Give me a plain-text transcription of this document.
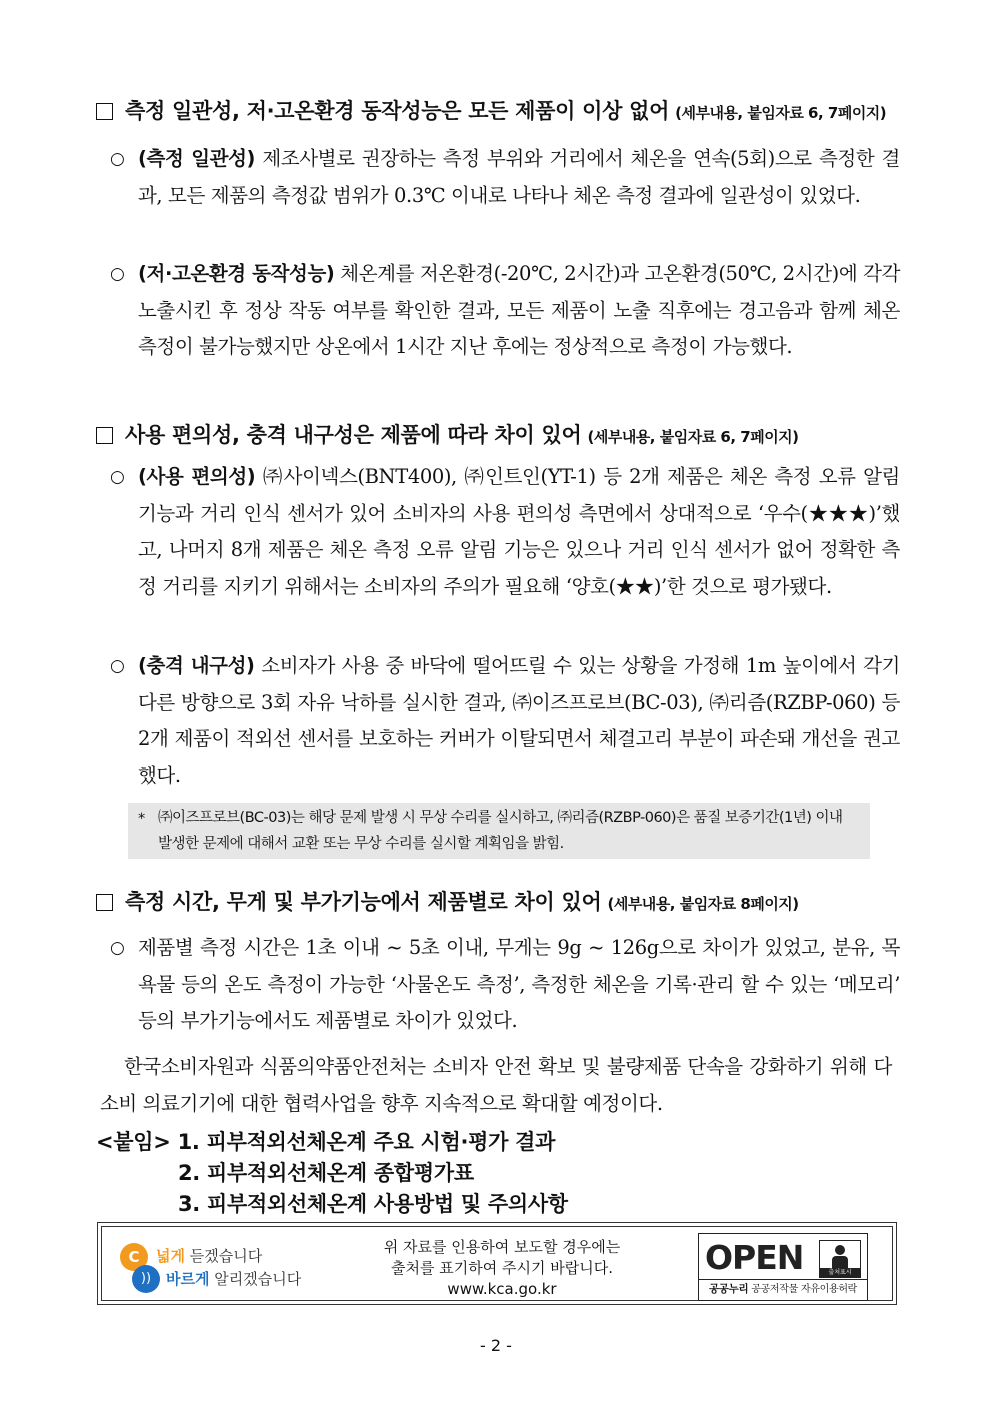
측정 일관성, 저·고온환경 동작성능은 모든 제품이 이상 없어 (세부내용, 붙임자료 6, 7페이지)
○ (측정 일관성) 제조사별로 권장하는 측정 부위와 거리에서 체온을 연속(5회)으로 측정한 결과, 모든 제품의 측정값 범위가 0.3℃ 이내로 나타나 체온 측정 결과에 일관성이 있었다.
○ (저·고온환경 동작성능) 체온계를 저온환경(-20℃, 2시간)과 고온환경(50℃, 2시간)에 각각 노출시킨 후 정상 작동 여부를 확인한 결과, 모든 제품이 노출 직후에는 경고음과 함께 체온 측정이 불가능했지만 상온에서 1시간 지난 후에는 정상적으로 측정이 가능했다.
사용 편의성, 충격 내구성은 제품에 따라 차이 있어 (세부내용, 붙임자료 6, 7페이지)
○ (사용 편의성) ㈜사이넥스(BNT400), ㈜인트인(YT-1) 등 2개 제품은 체온 측정 오류 알림 기능과 거리 인식 센서가 있어 소비자의 사용 편의성 측면에서 상대적으로 ‘우수(★★★)’했고, 나머지 8개 제품은 체온 측정 오류 알림 기능은 있으나 거리 인식 센서가 없어 정확한 측정 거리를 지키기 위해서는 소비자의 주의가 필요해 ‘양호(★★)’한 것으로 평가됐다.
○ (충격 내구성) 소비자가 사용 중 바닥에 떨어뜨릴 수 있는 상황을 가정해 1m 높이에서 각기 다른 방향으로 3회 자유 낙하를 실시한 결과, ㈜이즈프로브(BC-03), ㈜리즘(RZBP-060) 등 2개 제품이 적외선 센서를 보호하는 커버가 이탈되면서 체결고리 부분이 파손돼 개선을 권고했다.
* ㈜이즈프로브(BC-03)는 해당 문제 발생 시 무상 수리를 실시하고, ㈜리즘(RZBP-060)은 품질 보증기간(1년) 이내 발생한 문제에 대해서 교환 또는 무상 수리를 실시할 계획임을 밝힘.
측정 시간, 무게 및 부가기능에서 제품별로 차이 있어 (세부내용, 붙임자료 8페이지)
○ 제품별 측정 시간은 1초 이내 ~ 5초 이내, 무게는 9g ~ 126g으로 차이가 있었고, 분유, 목욕물 등의 온도 측정이 가능한 ‘사물온도 측정’, 측정한 체온을 기록·관리 할 수 있는 ‘메모리’ 등의 부가기능에서도 제품별로 차이가 있었다.
한국소비자원과 식품의약품안전처는 소비자 안전 확보 및 불량제품 단속을 강화하기 위해 다소비 의료기기에 대한 협력사업을 향후 지속적으로 확대할 예정이다.
<붙임> 1. 피부적외선체온계 주요 시험·평가 결과
2. 피부적외선체온계 종합평가표
3. 피부적외선체온계 사용방법 및 주의사항
C
))
넓게 듣겠습니다
바르게 알리겠습니다
위 자료를 인용하여 보도할 경우에는
출처를 표기하여 주시기 바랍니다.
www.kca.go.kr
OPEN	출처표시
공공누리 공공저작물 자유이용허락
- 2 -
